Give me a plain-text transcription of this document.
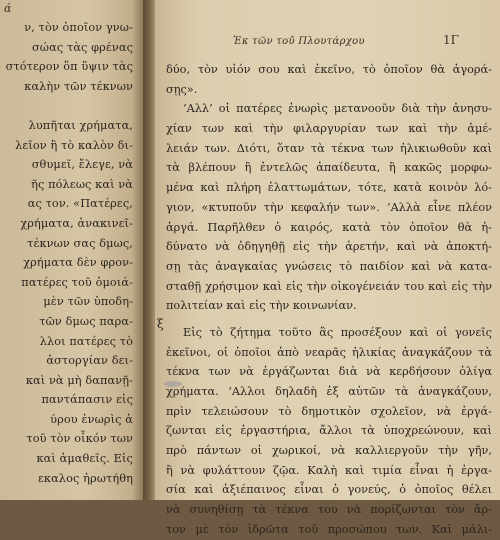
ά
ν, τὸν ὁποῖον γνω-
σώας τὰς φρένας
στότερον ὅπ ὕψιν τὰς
καλὴν τῶν τέκνων
λυπῆται χρήματα,
λεῖον ἢ τὸ καλὸν δι-
σθυμεῖ, ἔλεγε, νὰ
ῆς πόλεως καὶ νὰ
ας τον. «Πατέρες,
χρήματα, ἀνακινεῖ-
τέκνων σας δμως,
χρήματα δὲν φρον-
πατέρες τοῦ ὁμοιά-
μὲν τῶν ὑποδη-
τῶν δμως παρα-
λλοι πατέρες τὸ
ἀστοργίαν δει-
καὶ νὰ μὴ δαπανῇ-
παντάπασιν εἰς
ύρου ἐνωρὶς ἀ
τοῦ τὸν οἶκόν των
καὶ ἀμαθεῖς. Εἰς
εκαλος ἠρωτήθη
Ἐκ τῶν τοῦ Πλουτάρχου	1Γ
δύο, τὸν υἱόν σου καὶ ἐκεῖνο, τὸ ὁποῖον θὰ ἀγορά-
σῃς».
‘Αλλ’ οἱ πατέρες ἐνωρὶς μετανοοῦν διὰ τὴν ἀνησυ-
χίαν των καὶ τὴν φιλαργυρίαν των καὶ τὴν ἀμέ-
λειάν των. Διότι, ὅταν τὰ τέκνα των ἡλικιωθοῦν καὶ
τὰ βλέπουν ἢ ἐντελῶς ἀπαίδευτα, ἢ κακῶς μορφω-
μένα καὶ πλήρη ἐλαττωμάτων, τότε, κατὰ κοινὸν λό-
γιον, «κτυποῦν τὴν κεφαλήν των». ‘Αλλὰ εἶνε πλέον
ἀργά. Παρῆλθεν ὁ καιρός, κατὰ τὸν ὁποῖον θὰ ἠ-
δύνατο νὰ ὁδηγηθῇ εἰς τὴν ἀρετήν, καὶ νὰ ἀποκτή-
σῃ τὰς ἀναγκαίας γνώσεις τὸ παιδίον καὶ νὰ κατα-
σταθῇ χρήσιμον καὶ εἰς τὴν οἰκογένειάν του καὶ εἰς τὴν
πολιτείαν καὶ εἰς τὴν κοινωνίαν.
Εἰς τὸ ζήτημα τοῦτο ἂς προσέξουν καὶ οἱ γονεῖς
ἐκεῖνοι, οἱ ὁποῖοι ἀπὸ νεαρᾶς ἡλικίας ἀναγκάζουν τὰ
τέκνα των νὰ ἐργάζωνται διὰ νὰ κερδήσουν ὀλίγα
χρήματα. ‘Αλλοι δηλαδὴ ἐξ αὐτῶν τὰ ἀναγκάζουν,
πρὶν τελειώσουν τὸ δημοτικὸν σχολεῖον, νὰ ἐργά-
ζωνται εἰς ἐργαστήρια, ἄλλοι τὰ ὑποχρεώνουν, καὶ
πρὸ πάντων οἱ χωρικοί, νὰ καλλιεργοῦν τὴν γῆν,
ἢ νὰ φυλάττουν ζῷα. Καλὴ καὶ τιμία εἶναι ἡ ἐργα-
σία καὶ ἀξιέπαινος εἶναι ὁ γονεύς, ὁ ὁποῖος θέλει
νὰ συνηθίσῃ τὰ τέκνα του νὰ πορίζωνται τὸν ἄρ-
τον μὲ τὸν ἱδρῶτα τοῦ προσώπου των. Καὶ μάλι-
ξ
